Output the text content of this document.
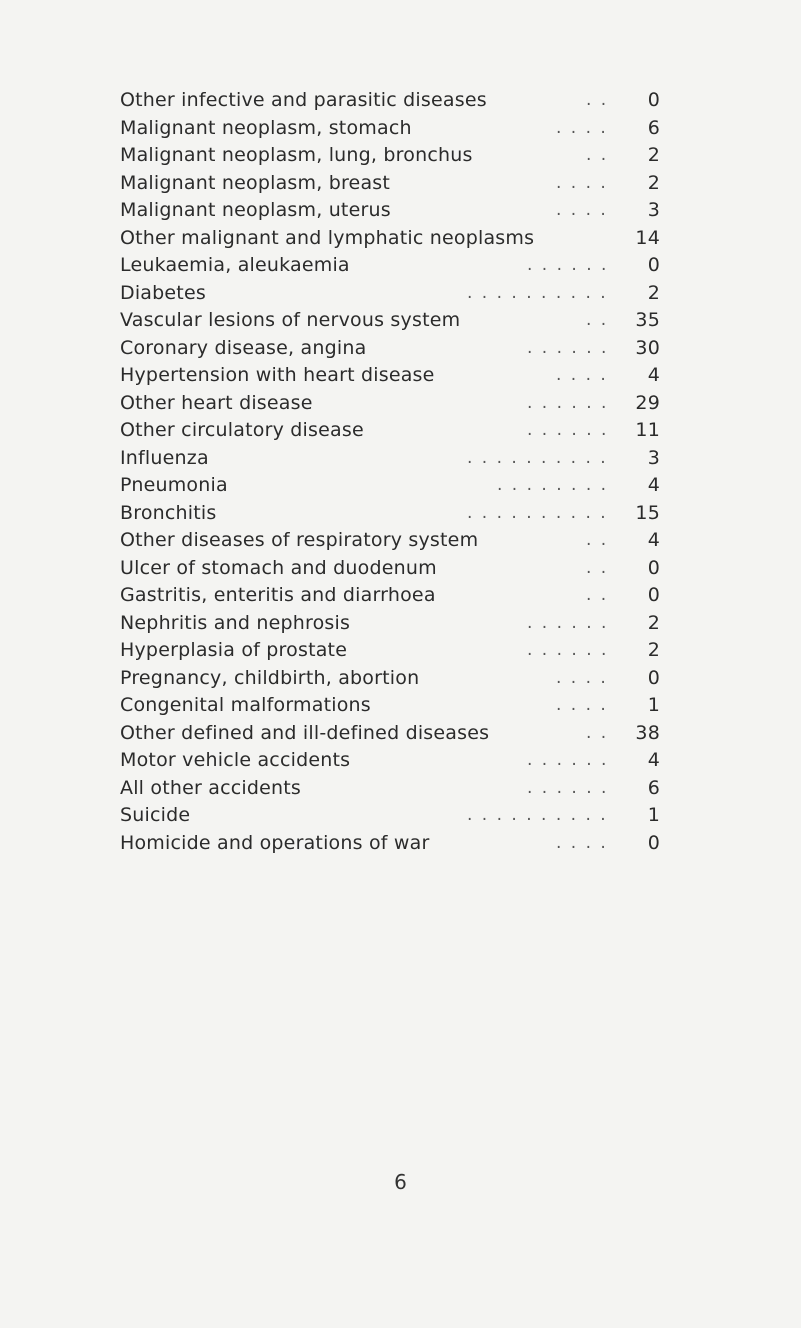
Other infective and parasitic diseases	. .	0
Malignant neoplasm, stomach	. . . .	6
Malignant neoplasm, lung, bronchus	. .	2
Malignant neoplasm, breast	. . . .	2
Malignant neoplasm, uterus	. . . .	3
Other malignant and lymphatic neoplasms	14
Leukaemia, aleukaemia	. . . . . .	0
Diabetes	. . . . . . . . . .	2
Vascular lesions of nervous system	. .	35
Coronary disease, angina	. . . . . .	30
Hypertension with heart disease	. . . .	4
Other heart disease	. . . . . .	29
Other circulatory disease	. . . . . .	11
Influenza	. . . . . . . . . .	3
Pneumonia	. . . . . . . .	4
Bronchitis	. . . . . . . . . .	15
Other diseases of respiratory system	. .	4
Ulcer of stomach and duodenum	. .	0
Gastritis, enteritis and diarrhoea	. .	0
Nephritis and nephrosis	. . . . . .	2
Hyperplasia of prostate	. . . . . .	2
Pregnancy, childbirth, abortion	. . . .	0
Congenital malformations	. . . .	1
Other defined and ill-defined diseases	. .	38
Motor vehicle accidents	. . . . . .	4
All other accidents	. . . . . .	6
Suicide	. . . . . . . . . .	1
Homicide and operations of war	. . . .	0
6
